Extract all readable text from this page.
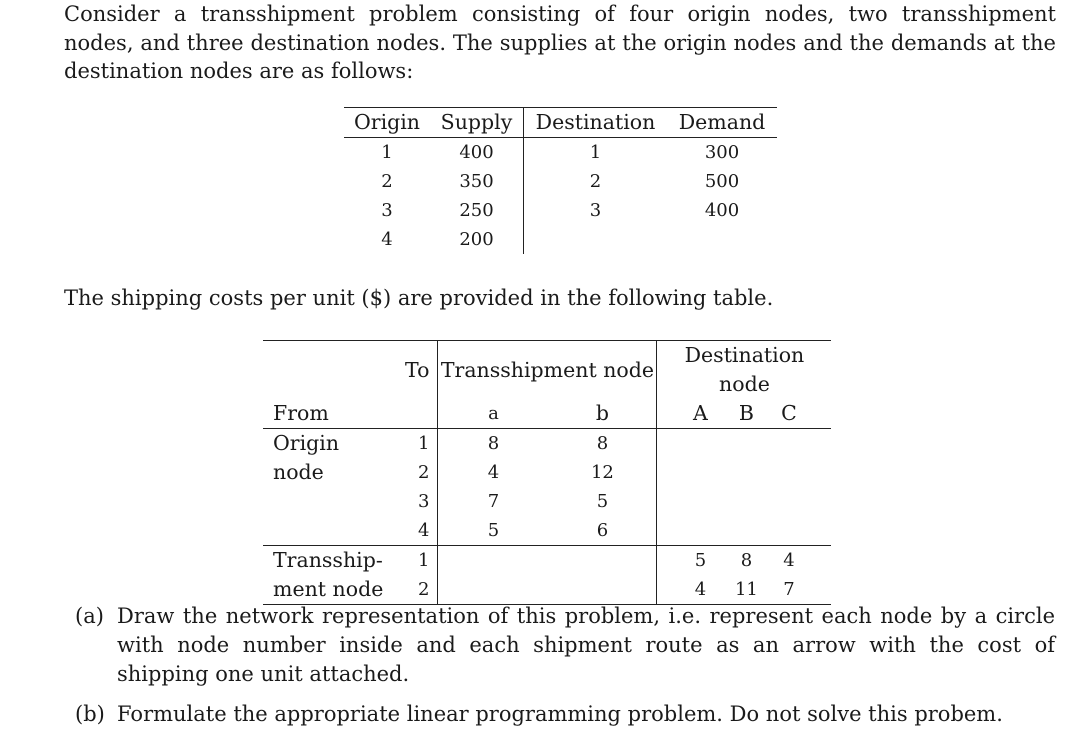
Consider a transshipment problem consisting of four origin nodes, two transshipment nodes, and three destination nodes. The supplies at the origin nodes and the demands at the destination nodes are as follows:
Origin	Supply	Destination	Demand
1	400	1	300
2	350	2	500
3	250	3	400
4	200		
The shipping costs per unit ($) are provided in the following table.
	To	Transshipment node		Destination node		
From		a	b	A	B	C
Origin	1	8	8			
node	2	4	12			
	3	7	5			
	4	5	6			
Transship-	1			5	8	4
ment node	2			4	11	7
(a) Draw the network representation of this problem, i.e. represent each node by a circle with node number inside and each shipment route as an arrow with the cost of shipping one unit attached.
(b) Formulate the appropriate linear programming problem. Do not solve this probem.
